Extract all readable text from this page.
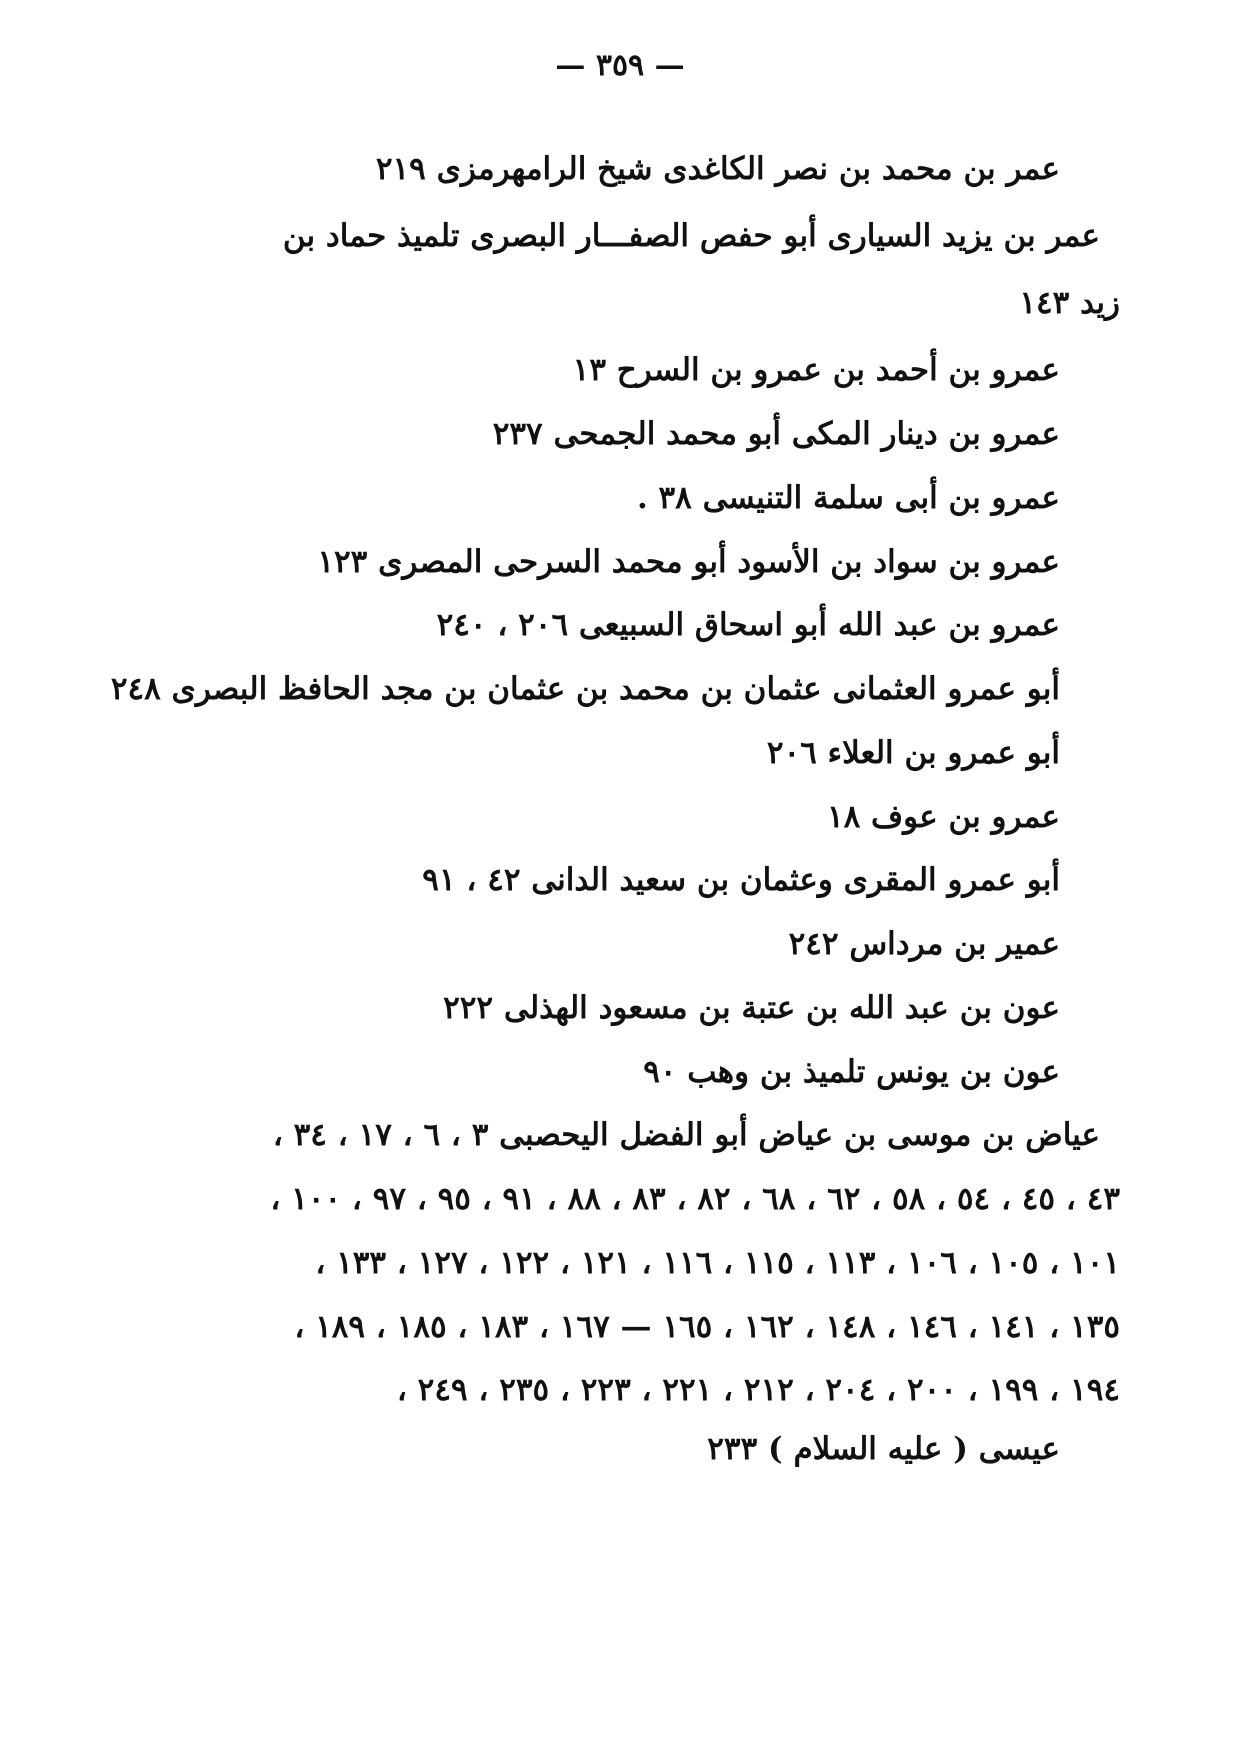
— ٣٥٩ —
عمر بن محمد بن نصر الكاغدى شيخ الرامهرمزى ٢١٩
عمر بن يزيد السيارى أبو حفص الصفـــار البصرى تلميذ حماد بن
زيد ١٤٣
عمرو بن أحمد بن عمرو بن السرح ١٣
عمرو بن دينار المكى أبو محمد الجمحى ٢٣٧
عمرو بن أبى سلمة التنيسى ٣٨ .
عمرو بن سواد بن الأسود أبو محمد السرحى المصرى ١٢٣
عمرو بن عبد الله أبو اسحاق السبيعى ٢٠٦ ، ٢٤٠
أبو عمرو العثمانى عثمان بن محمد بن عثمان بن مجد الحافظ البصرى ٢٤٨
أبو عمرو بن العلاء ٢٠٦
عمرو بن عوف ١٨
أبو عمرو المقرى وعثمان بن سعيد الدانى ٤٢ ، ٩١
عمير بن مرداس ٢٤٢
عون بن عبد الله بن عتبة بن مسعود الهذلى ٢٢٢
عون بن يونس تلميذ بن وهب ٩٠
عياض بن موسى بن عياض أبو الفضل اليحصبى ٣ ، ٦ ، ١٧ ، ٣٤ ،
٤٣ ، ٤٥ ، ٥٤ ، ٥٨ ، ٦٢ ، ٦٨ ، ٨٢ ، ٨٣ ، ٨٨ ، ٩١ ، ٩٥ ، ٩٧ ، ١٠٠ ،
١٠١ ، ١٠٥ ، ١٠٦ ، ١١٣ ، ١١٥ ، ١١٦ ، ١٢١ ، ١٢٢ ، ١٢٧ ، ١٣٣ ،
١٣٥ ، ١٤١ ، ١٤٦ ، ١٤٨ ، ١٦٢ ، ١٦٥ — ١٦٧ ، ١٨٣ ، ١٨٥ ، ١٨٩ ،
١٩٤ ، ١٩٩ ، ٢٠٠ ، ٢٠٤ ، ٢١٢ ، ٢٢١ ، ٢٢٣ ، ٢٣٥ ، ٢٤٩ ،
عيسى ( عليه السلام ) ٢٣٣
